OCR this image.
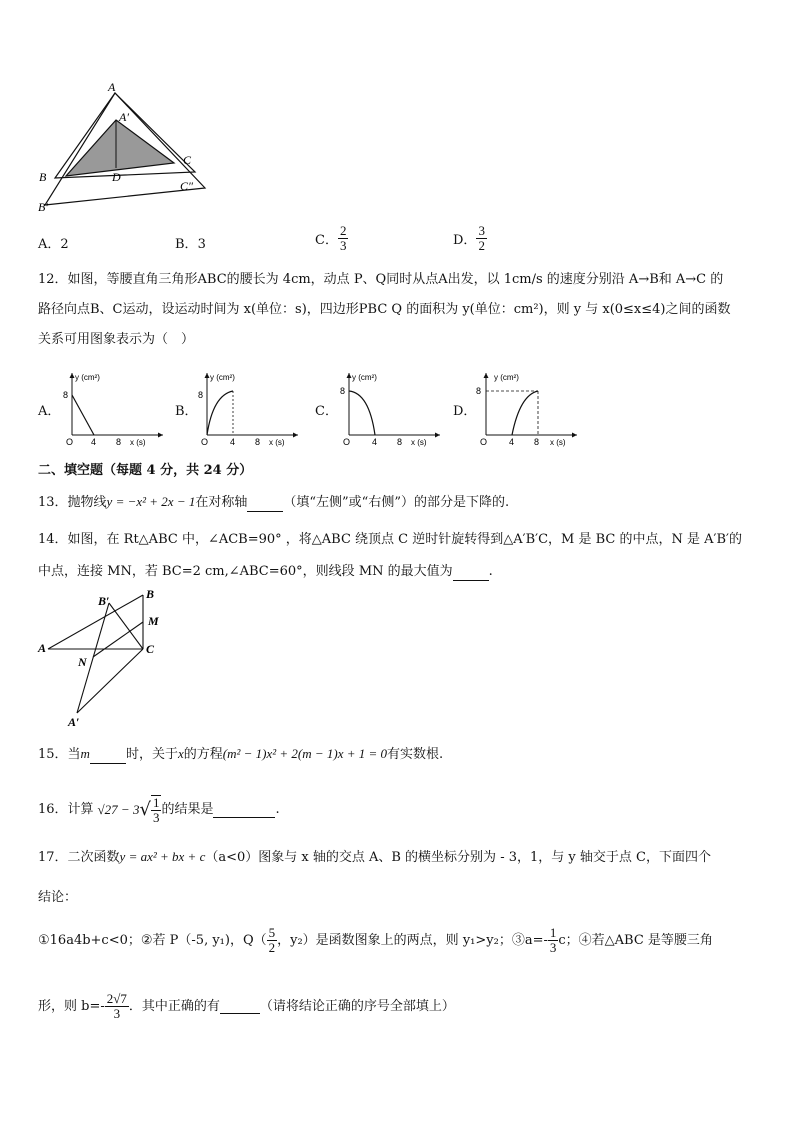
A
A′
C
B	D
C″
B′
A．2	B．3	C． $\frac{2}{3}$	D． $\frac{3}{2}$
12．如图，等腰直角三角形ABC的腰长为 4cm，动点 P、Q同时从点A出发，以 1cm/s 的速度分别沿 A→B和 A→C 的
路径向点B、C运动，设运动时间为 x(单位：s)，四边形PBC Q 的面积为 y(单位：cm²)，则 y 与 x(0≤x≤4)之间的函数
关系可用图象表示为（　）
A．
y (cm²)
8
O 4 8 x (s)
B．
y (cm²)
8
O 4 8 x (s)
C．
y (cm²)
8
O 4 8 x (s)
D．
y (cm²)
8
O 4 8 x (s)
二、填空题（每题 4 分，共 24 分）
13．抛物线y = −x² + 2x − 1在对称轴	（填“左侧”或“右侧”）的部分是下降的.
14．如图，在 Rt△ABC 中，∠ACB=90° ，将△ABC 绕顶点 C 逆时针旋转得到△A′B′C，M 是 BC 的中点，N 是 A′B′的
中点，连接 MN，若 BC=2 cm,∠ABC=60°，则线段 MN 的最大值为	.
B′	B
M
A	C
N
A′
15．当m	时，关于x的方程(m² − 1)x² + 2(m − 1)x + 1 = 0有实数根.
16．计算 √27 − 3 √ $\frac{1}{3}$ 的结果是	.
17．二次函数y = ax² + bx + c（a<0）图象与 x 轴的交点 A、B 的横坐标分别为 - 3，1，与 y 轴交于点 C，下面四个
结论：
①16a4b+c<0；②若 P（-5, y₁)，$Q( \frac{5}{2}$ ，y₂）是函数图象上的两点，则 y₁>y₂；③a=- $\frac{1}{3}$ c；④若△ABC 是等腰三角
形，则 $b=- \frac{2√7}{3}$ ．其中正确的有	（请将结论正确的序号全部填上）
